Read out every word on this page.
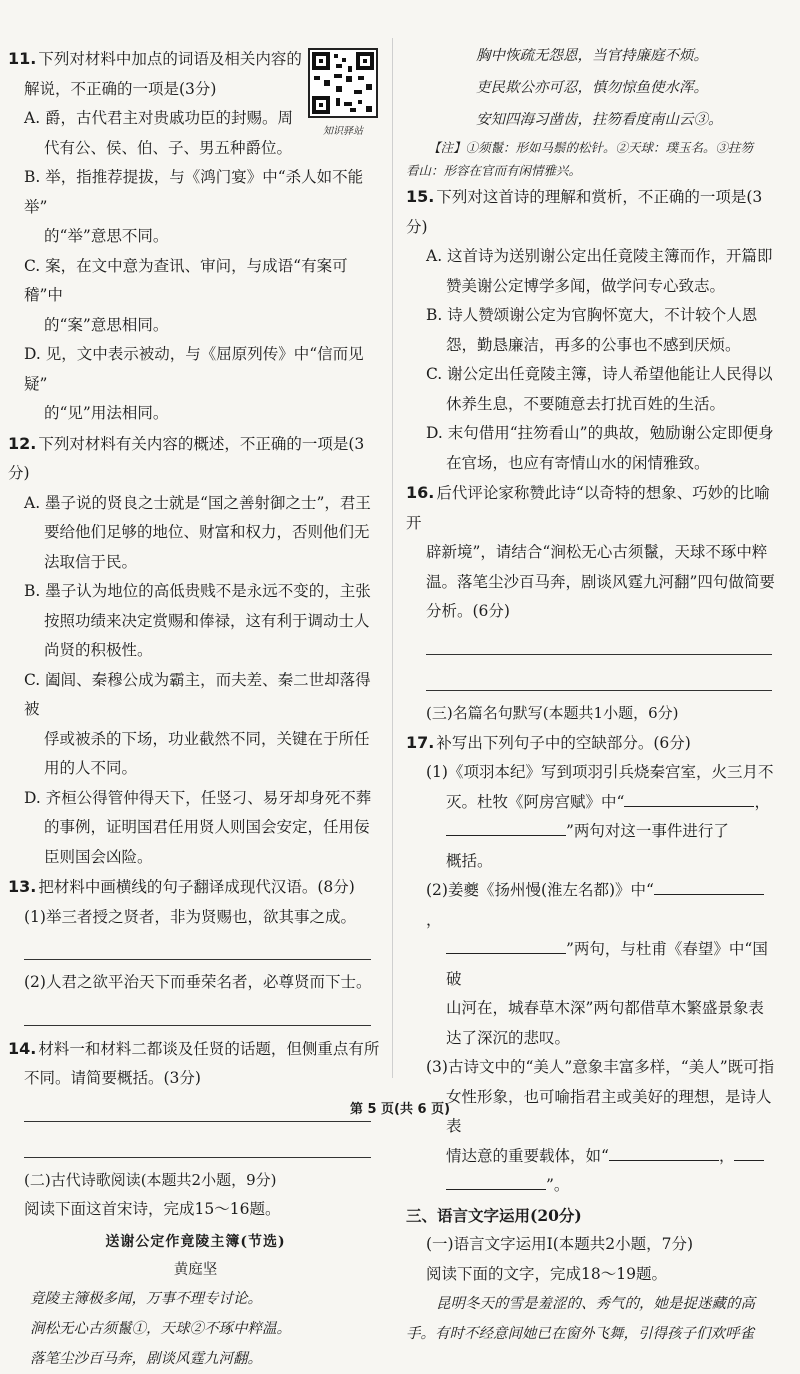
知识驿站
11. 下列对材料中加点的词语及相关内容的
解说，不正确的一项是(3分)
A. 爵，古代君主对贵戚功臣的封赐。周
代有公、侯、伯、子、男五种爵位。
B. 举，指推荐提拔，与《鸿门宴》中“杀人如不能举”
的“举”意思不同。
C. 案，在文中意为查讯、审问，与成语“有案可稽”中
的“案”意思相同。
D. 见，文中表示被动，与《屈原列传》中“信而见疑”
的“见”用法相同。
12. 下列对材料有关内容的概述，不正确的一项是(3分)
A. 墨子说的贤良之士就是“国之善射御之士”，君王
要给他们足够的地位、财富和权力，否则他们无
法取信于民。
B. 墨子认为地位的高低贵贱不是永远不变的，主张
按照功绩来决定赏赐和俸禄，这有利于调动士人
尚贤的积极性。
C. 阖闾、秦穆公成为霸主，而夫差、秦二世却落得被
俘或被杀的下场，功业截然不同，关键在于所任
用的人不同。
D. 齐桓公得管仲得天下，任竖刁、易牙却身死不葬
的事例，证明国君任用贤人则国会安定，任用佞
臣则国会凶险。
13. 把材料中画横线的句子翻译成现代汉语。(8分)
(1)举三者授之贤者，非为贤赐也，欲其事之成。
(2)人君之欲平治天下而垂荣名者，必尊贤而下士。
14. 材料一和材料二都谈及任贤的话题，但侧重点有所
不同。请简要概括。(3分)
(二)古代诗歌阅读(本题共2小题，9分)
阅读下面这首宋诗，完成15～16题。
送谢公定作竟陵主簿(节选)
黄庭坚
竟陵主簿极多闻，万事不理专讨论。
涧松无心古须鬣①，天球②不琢中粹温。
落笔尘沙百马奔，剧谈风霆九河翻。
胸中恢疏无怨恩，当官持廉庭不烦。
吏民欺公亦可忍，慎勿惊鱼使水浑。
安知四海习凿齿，拄笏看度南山云③。
【注】①须鬣：形如马鬃的松针。②天球：璞玉名。③拄笏
看山：形容在官而有闲情雅兴。
15. 下列对这首诗的理解和赏析，不正确的一项是(3分)
A. 这首诗为送别谢公定出任竟陵主簿而作，开篇即
赞美谢公定博学多闻，做学问专心致志。
B. 诗人赞颂谢公定为官胸怀宽大，不计较个人恩
怨，勤恳廉洁，再多的公事也不感到厌烦。
C. 谢公定出任竟陵主簿，诗人希望他能让人民得以
休养生息，不要随意去打扰百姓的生活。
D. 末句借用“拄笏看山”的典故，勉励谢公定即便身
在官场，也应有寄情山水的闲情雅致。
16. 后代评论家称赞此诗“以奇特的想象、巧妙的比喻开
辟新境”，请结合“涧松无心古须鬣，天球不琢中粹
温。落笔尘沙百马奔，剧谈风霆九河翻”四句做简要
分析。(6分)
(三)名篇名句默写(本题共1小题，6分)
17. 补写出下列句子中的空缺部分。(6分)
(1)《项羽本纪》写到项羽引兵烧秦宫室，火三月不
灭。杜牧《阿房宫赋》中“	，
”两句对这一事件进行了
概括。
(2)姜夔《扬州慢(淮左名都)》中“，
”两句，与杜甫《春望》中“国破
山河在，城春草木深”两句都借草木繁盛景象表
达了深沉的悲叹。
(3)古诗文中的“美人”意象丰富多样，“美人”既可指
女性形象，也可喻指君主或美好的理想，是诗人表
情达意的重要载体，如“	，
”。
三、语言文字运用(20分)
(一)语言文字运用Ⅰ(本题共2小题，7分)
阅读下面的文字，完成18～19题。
昆明冬天的雪是羞涩的、秀气的，她是捉迷藏的高
手。有时不经意间她已在窗外飞舞，引得孩子们欢呼雀
第 5 页(共 6 页)
